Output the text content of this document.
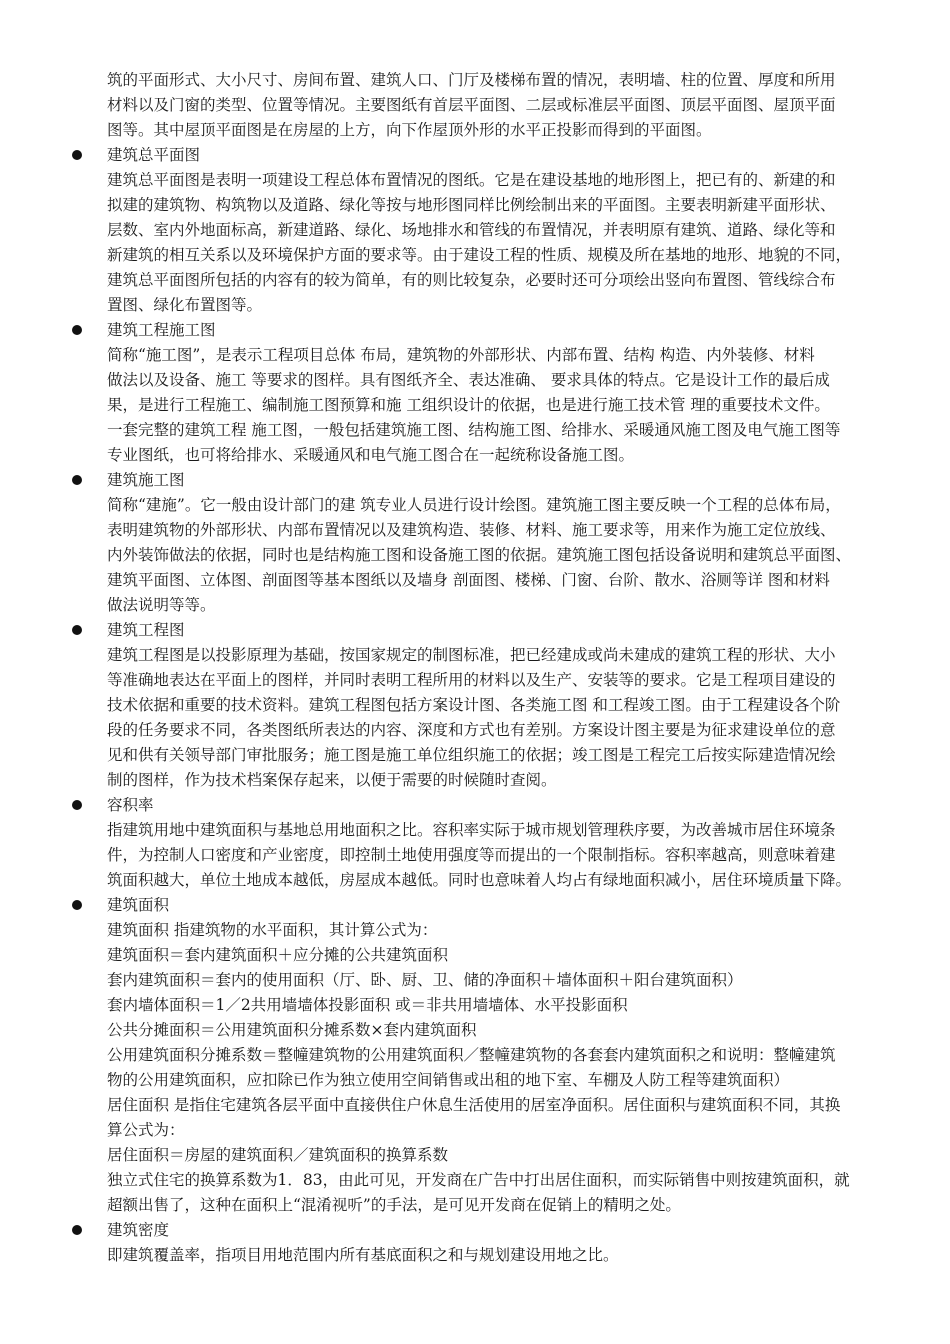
筑的平面形式、大小尺寸、房间布置、建筑人口、门厅及楼梯布置的情况，表明墙、柱的位置、厚度和所用
材料以及门窗的类型、位置等情况。主要图纸有首层平面图、二层或标准层平面图、顶层平面图、屋顶平面
图等。其中屋顶平面图是在房屋的上方，向下作屋顶外形的水平正投影而得到的平面图。
建筑总平面图
建筑总平面图是表明一项建设工程总体布置情况的图纸。它是在建设基地的地形图上，把已有的、新建的和
拟建的建筑物、构筑物以及道路、绿化等按与地形图同样比例绘制出来的平面图。主要表明新建平面形状、
层数、室内外地面标高，新建道路、绿化、场地排水和管线的布置情况，并表明原有建筑、道路、绿化等和
新建筑的相互关系以及环境保护方面的要求等。由于建设工程的性质、规模及所在基地的地形、地貌的不同，
建筑总平面图所包括的内容有的较为简单，有的则比较复杂，必要时还可分项绘出竖向布置图、管线综合布
置图、绿化布置图等。
建筑工程施工图
简称“施工图”，是表示工程项目总体 布局，建筑物的外部形状、内部布置、结构 构造、内外装修、材料
做法以及设备、施工 等要求的图样。具有图纸齐全、表达准确、 要求具体的特点。它是设计工作的最后成
果，是进行工程施工、编制施工图预算和施 工组织设计的依据，也是进行施工技术管 理的重要技术文件。
一套完整的建筑工程 施工图，一般包括建筑施工图、结构施工图、给排水、采暖通风施工图及电气施工图等
专业图纸，也可将给排水、采暖通风和电气施工图合在一起统称设备施工图。
建筑施工图
简称“建施”。它一般由设计部门的建 筑专业人员进行设计绘图。建筑施工图主要反映一个工程的总体布局，
表明建筑物的外部形状、内部布置情况以及建筑构造、装修、材料、施工要求等，用来作为施工定位放线、
内外装饰做法的依据，同时也是结构施工图和设备施工图的依据。建筑施工图包括设备说明和建筑总平面图、
建筑平面图、立体图、剖面图等基本图纸以及墙身 剖面图、楼梯、门窗、台阶、散水、浴厕等详 图和材料
做法说明等等。
建筑工程图
建筑工程图是以投影原理为基础，按国家规定的制图标准，把已经建成或尚未建成的建筑工程的形状、大小
等准确地表达在平面上的图样，并同时表明工程所用的材料以及生产、安装等的要求。它是工程项目建设的
技术依据和重要的技术资料。建筑工程图包括方案设计图、各类施工图 和工程竣工图。由于工程建设各个阶
段的任务要求不同，各类图纸所表达的内容、深度和方式也有差别。方案设计图主要是为征求建设单位的意
见和供有关领导部门审批服务；施工图是施工单位组织施工的依据；竣工图是工程完工后按实际建造情况绘
制的图样，作为技术档案保存起来，以便于需要的时候随时查阅。
容积率
指建筑用地中建筑面积与基地总用地面积之比。容积率实际于城市规划管理秩序要，为改善城市居住环境条
件，为控制人口密度和产业密度，即控制土地使用强度等而提出的一个限制指标。容积率越高，则意味着建
筑面积越大，单位土地成本越低，房屋成本越低。同时也意味着人均占有绿地面积减小，居住环境质量下降。
建筑面积
建筑面积 指建筑物的水平面积，其计算公式为：
建筑面积＝套内建筑面积＋应分摊的公共建筑面积
套内建筑面积＝套内的使用面积（厅、卧、厨、卫、储的净面积＋墙体面积＋阳台建筑面积）
套内墙体面积＝1／2共用墙墙体投影面积 或＝非共用墙墙体、水平投影面积
公共分摊面积＝公用建筑面积分摊系数×套内建筑面积
公用建筑面积分摊系数＝整幢建筑物的公用建筑面积／整幢建筑物的各套套内建筑面积之和说明：整幢建筑
物的公用建筑面积，应扣除已作为独立使用空间销售或出租的地下室、车棚及人防工程等建筑面积）
居住面积 是指住宅建筑各层平面中直接供住户休息生活使用的居室净面积。居住面积与建筑面积不同，其换
算公式为：
居住面积＝房屋的建筑面积／建筑面积的换算系数
独立式住宅的换算系数为1．83，由此可见，开发商在广告中打出居住面积，而实际销售中则按建筑面积，就
超额出售了，这种在面积上“混淆视听”的手法，是可见开发商在促销上的精明之处。
建筑密度
即建筑覆盖率，指项目用地范围内所有基底面积之和与规划建设用地之比。
